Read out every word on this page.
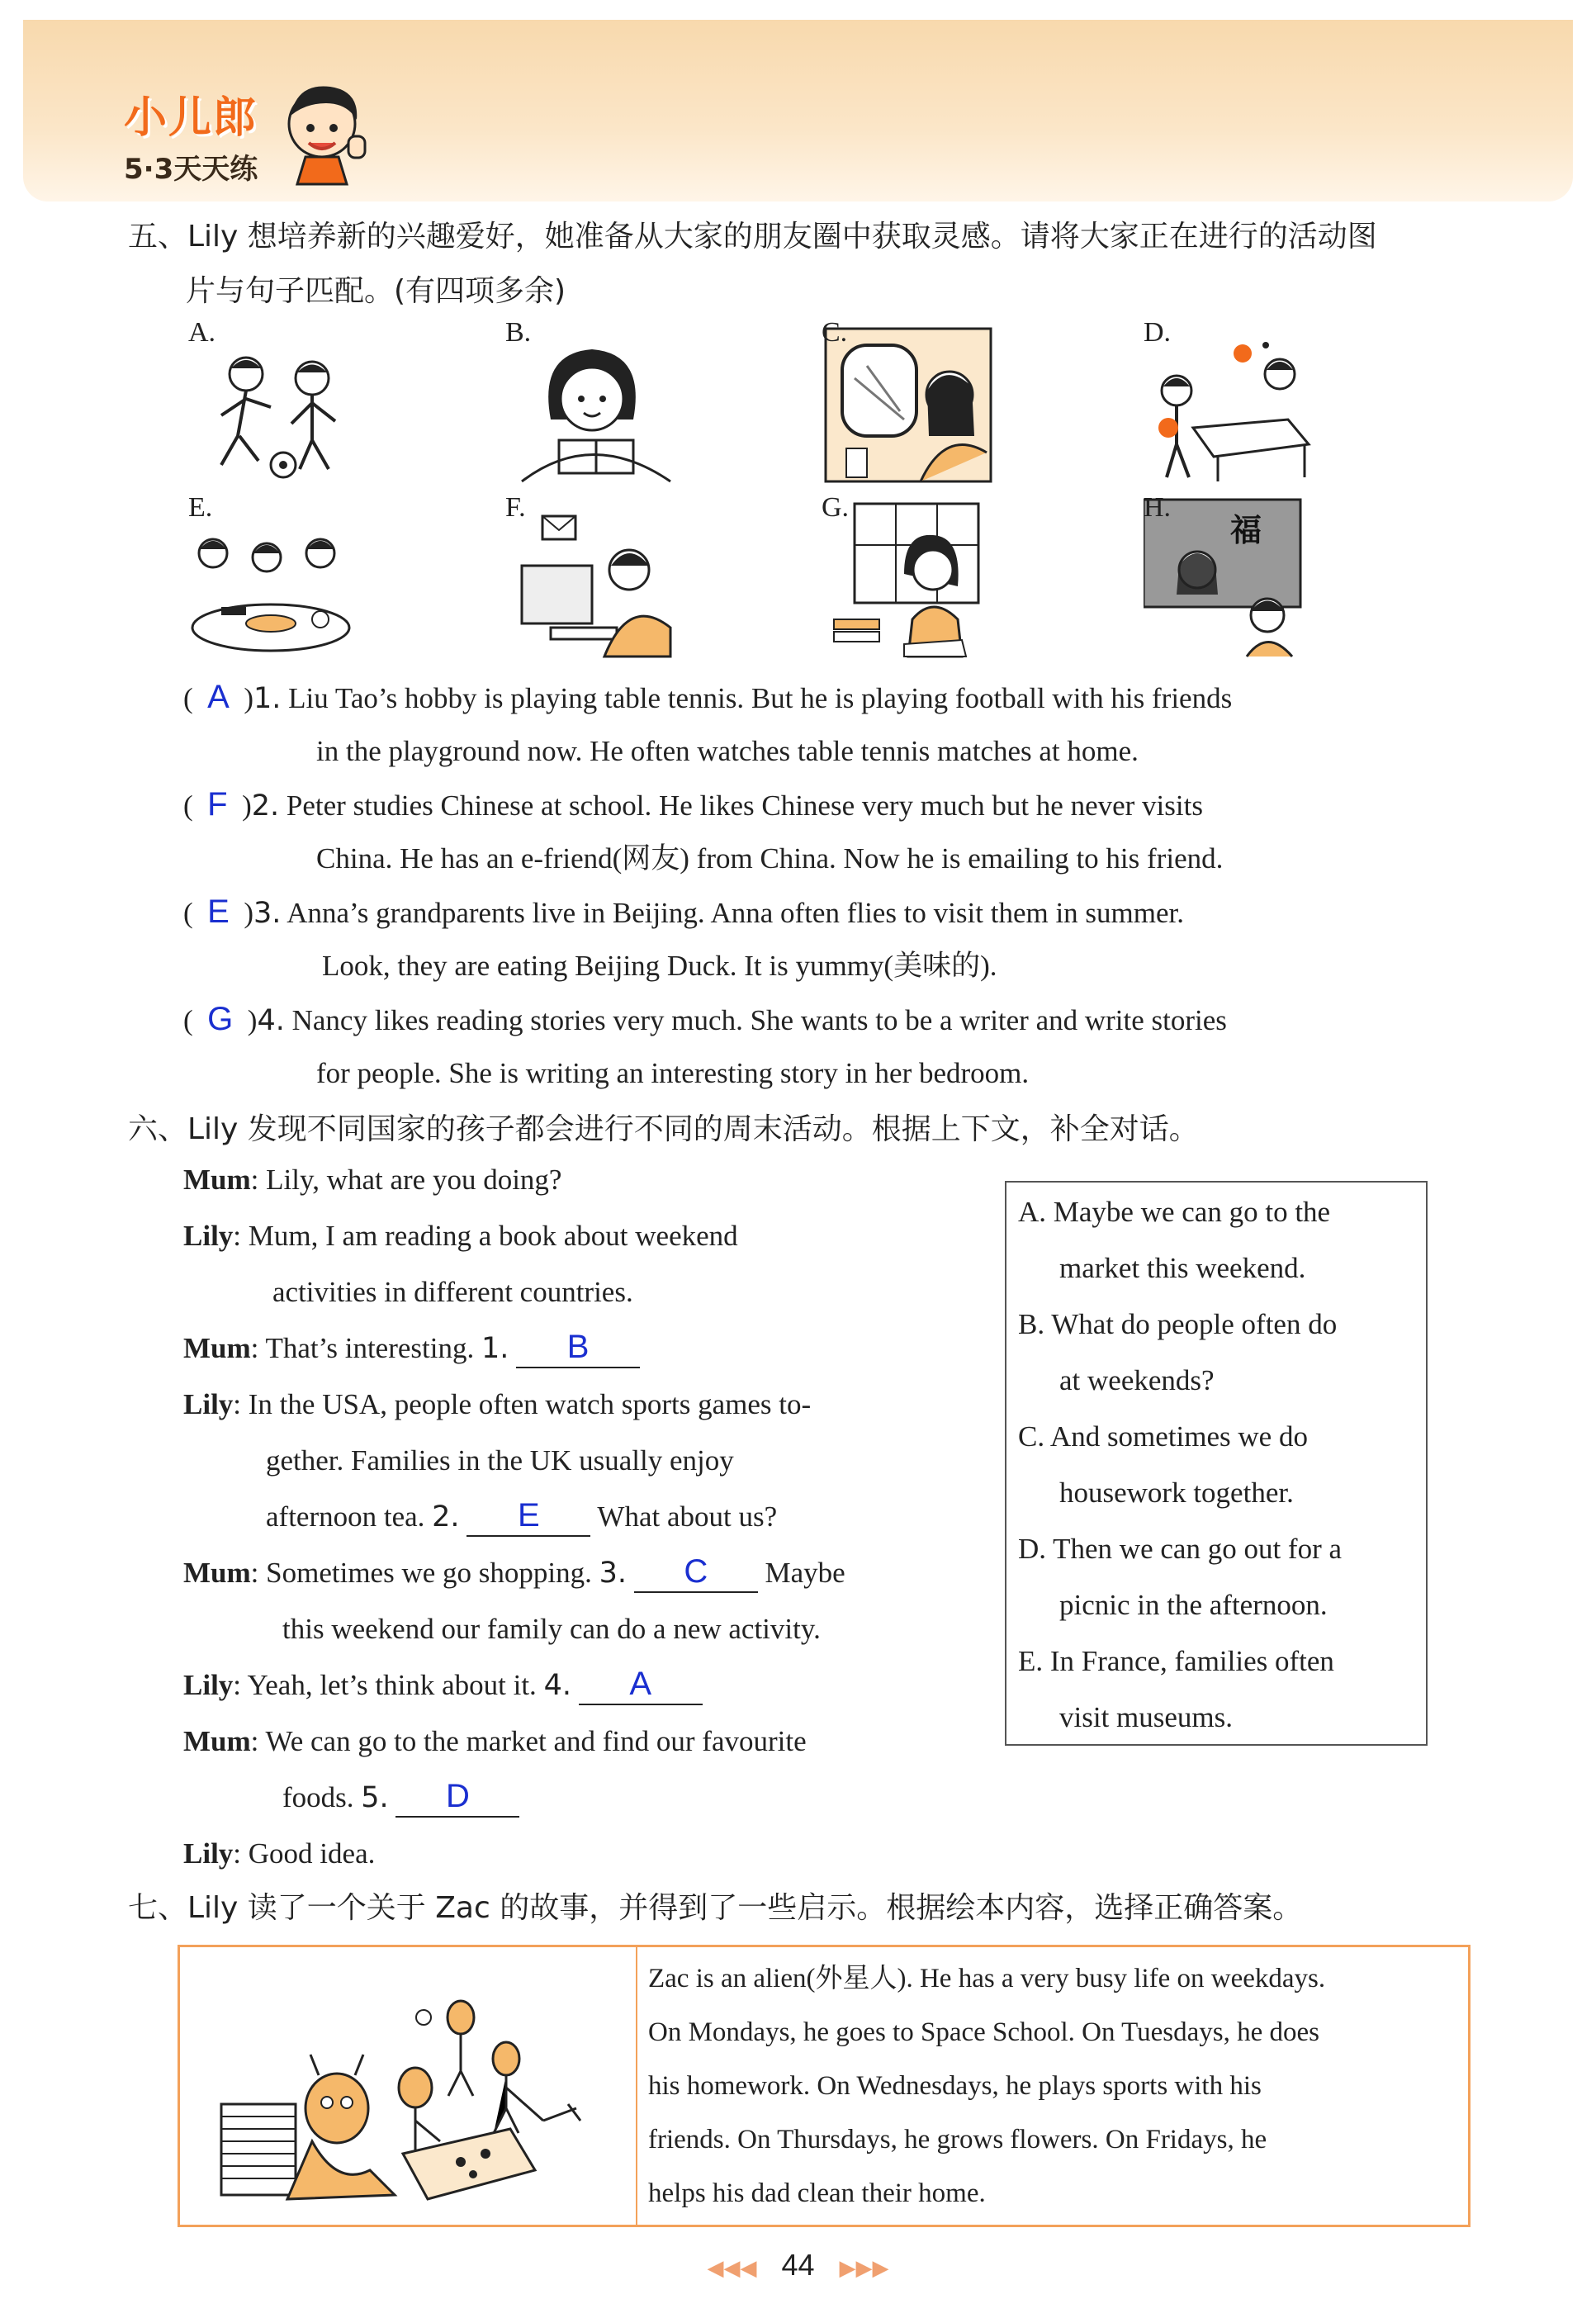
小儿郎
5·3天天练
五、Lily 想培养新的兴趣爱好，她准备从大家的朋友圈中获取灵感。请将大家正在进行的活动图
片与句子匹配。(有四项多余)
A.	B.	C.	D.
E.	F.	G.	H.
福
(  A  )1. Liu Tao’s hobby is playing table tennis. But he is playing football with his friends
in the playground now. He often watches table tennis matches at home.
(  F  )2. Peter studies Chinese at school. He likes Chinese very much but he never visits
China. He has an e-friend(网友) from China. Now he is emailing to his friend.
(  E  )3. Anna’s grandparents live in Beijing. Anna often flies to visit them in summer.
Look, they are eating Beijing Duck. It is yummy(美味的).
(  G  )4. Nancy likes reading stories very much. She wants to be a writer and write stories
for people. She is writing an interesting story in her bedroom.
六、Lily 发现不同国家的孩子都会进行不同的周末活动。根据上下文，补全对话。
Mum: Lily, what are you doing?
Lily: Mum, I am reading a book about weekend
activities in different countries.
Mum: That’s interesting. 1. B
Lily: In the USA, people often watch sports games to-
gether. Families in the UK usually enjoy
afternoon tea. 2. E What about us?
Mum: Sometimes we go shopping. 3. C Maybe
this weekend our family can do a new activity.
Lily: Yeah, let’s think about it. 4. A
Mum: We can go to the market and find our favourite
foods. 5. D
Lily: Good idea.
A. Maybe we can go to the
market this weekend.
B. What do people often do
at weekends?
C. And sometimes we do
housework together.
D. Then we can go out for a
picnic in the afternoon.
E. In France, families often
visit museums.
七、Lily 读了一个关于 Zac 的故事，并得到了一些启示。根据绘本内容，选择正确答案。
Zac is an alien(外星人). He has a very busy life on weekdays.
On Mondays, he goes to Space School. On Tuesdays, he does
his homework. On Wednesdays, he plays sports with his
friends. On Thursdays, he grows flowers. On Fridays, he
helps his dad clean their home.
◀◀◀ 44 ▶▶▶
